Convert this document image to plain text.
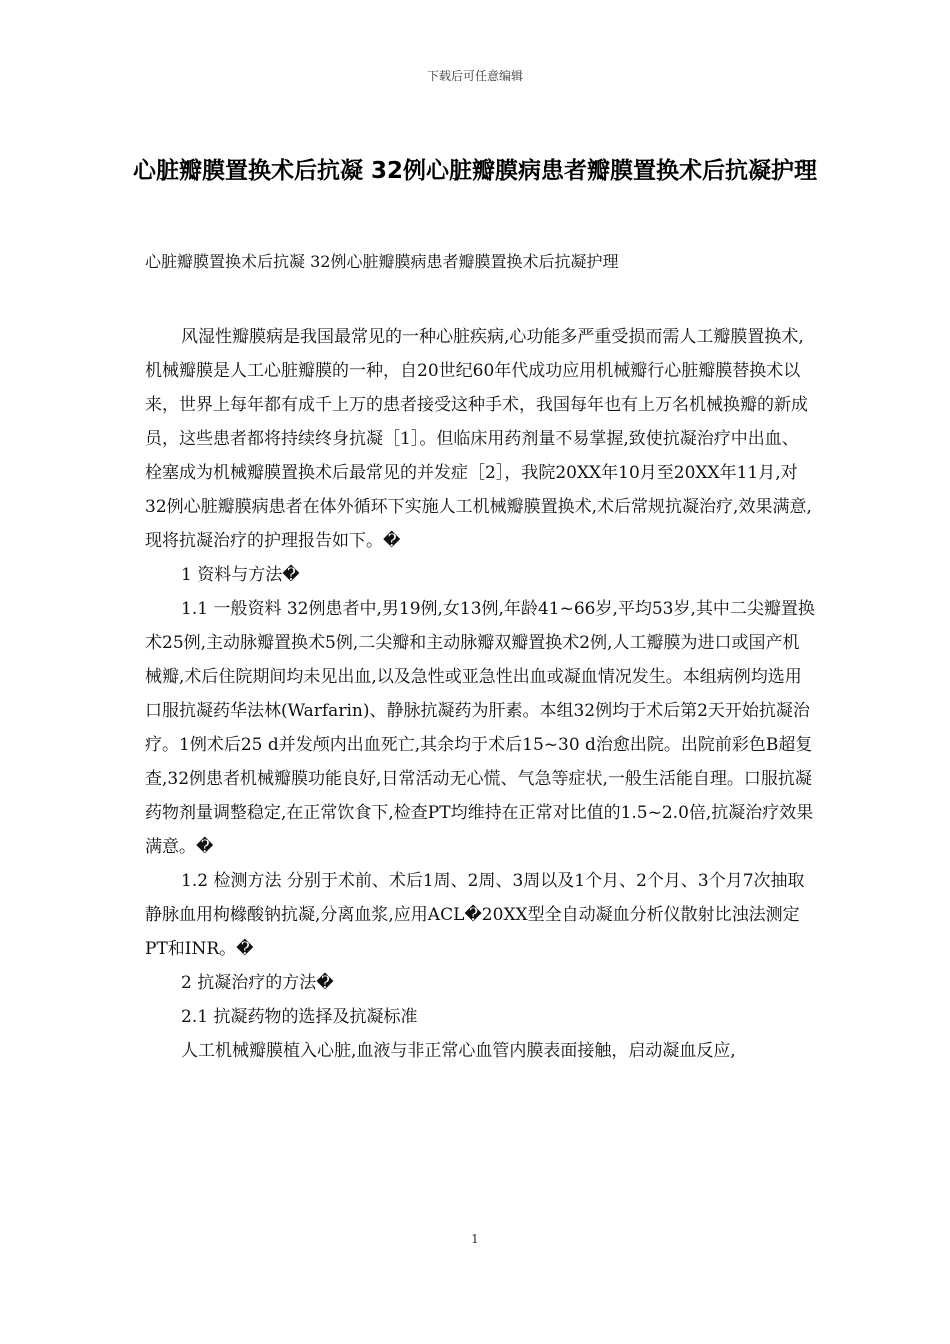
下载后可任意编辑
心脏瓣膜置换术后抗凝 32例心脏瓣膜病患者瓣膜置换术后抗凝护理
心脏瓣膜置换术后抗凝 32例心脏瓣膜病患者瓣膜置换术后抗凝护理

风湿性瓣膜病是我国最常见的一种心脏疾病,心功能多严重受损而需人工瓣膜置换术,机械瓣膜是人工心脏瓣膜的一种，自20世纪60年代成功应用机械瓣行心脏瓣膜替换术以来，世界上每年都有成千上万的患者接受这种手术，我国每年也有上万名机械换瓣的新成员，这些患者都将持续终身抗凝［1］。但临床用药剂量不易掌握,致使抗凝治疗中出血、栓塞成为机械瓣膜置换术后最常见的并发症［2］，我院20XX年10月至20XX年11月,对32例心脏瓣膜病患者在体外循环下实施人工机械瓣膜置换术,术后常规抗凝治疗,效果满意,现将抗凝治疗的护理报告如下。�

1 资料与方法�

1.1 一般资料 32例患者中,男19例,女13例,年龄41~66岁,平均53岁,其中二尖瓣置换术25例,主动脉瓣置换术5例,二尖瓣和主动脉瓣双瓣置换术2例,人工瓣膜为进口或国产机械瓣,术后住院期间均未见出血,以及急性或亚急性出血或凝血情况发生。本组病例均选用口服抗凝药华法林(Warfarin)、静脉抗凝药为肝素。本组32例均于术后第2天开始抗凝治疗。1例术后25 d并发颅内出血死亡,其余均于术后15~30 d治愈出院。出院前彩色B超复查,32例患者机械瓣膜功能良好,日常活动无心慌、气急等症状,一般生活能自理。口服抗凝药物剂量调整稳定,在正常饮食下,检查PT均维持在正常对比值的1.5~2.0倍,抗凝治疗效果满意。�

1.2 检测方法 分别于术前、术后1周、2周、3周以及1个月、2个月、3个月7次抽取静脉血用枸橼酸钠抗凝,分离血浆,应用ACL�20XX型全自动凝血分析仪散射比浊法测定PT和INR。�

2 抗凝治疗的方法�

2.1 抗凝药物的选择及抗凝标准

人工机械瓣膜植入心脏,血液与非正常心血管内膜表面接触，启动凝血反应,

1
